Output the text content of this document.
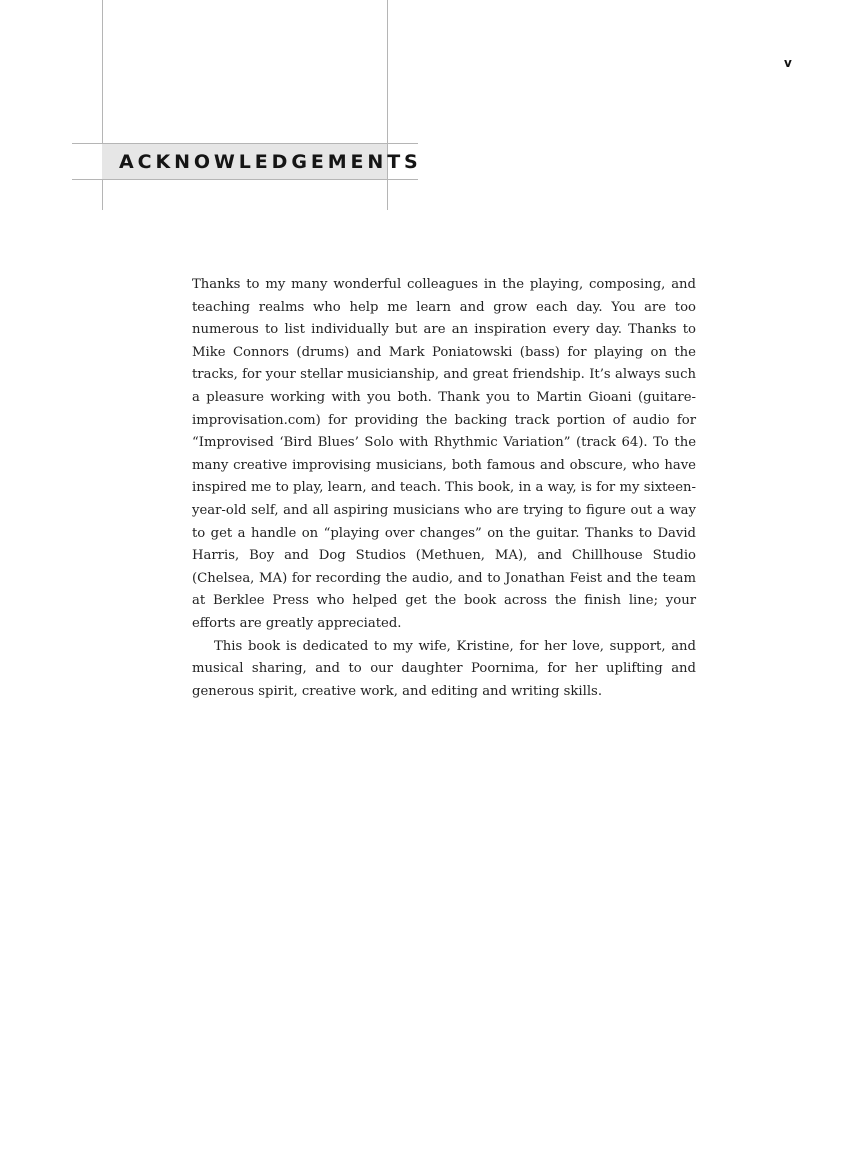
v
ACKNOWLEDGEMENTS

Thanks to my many wonderful colleagues in the playing, composing, and teaching realms who help me learn and grow each day. You are too numerous to list individually but are an inspiration every day. Thanks to Mike Connors (drums) and Mark Poniatowski (bass) for playing on the tracks, for your stellar musicianship, and great friendship. It’s always such a pleasure working with you both. Thank you to Martin Gioani (guitare-improvisation.com) for providing the backing track portion of audio for “Improvised ‘Bird Blues’ Solo with Rhythmic Variation” (track 64). To the many creative improvising musicians, both famous and obscure, who have inspired me to play, learn, and teach. This book, in a way, is for my sixteen-year-old self, and all aspiring musicians who are trying to figure out a way to get a handle on “playing over changes” on the guitar. Thanks to David Harris, Boy and Dog Studios (Methuen, MA), and Chillhouse Studio (Chelsea, MA) for recording the audio, and to Jonathan Feist and the team at Berklee Press who helped get the book across the finish line; your efforts are greatly appreciated.

This book is dedicated to my wife, Kristine, for her love, support, and musical sharing, and to our daughter Poornima, for her uplifting and generous spirit, creative work, and editing and writing skills.
